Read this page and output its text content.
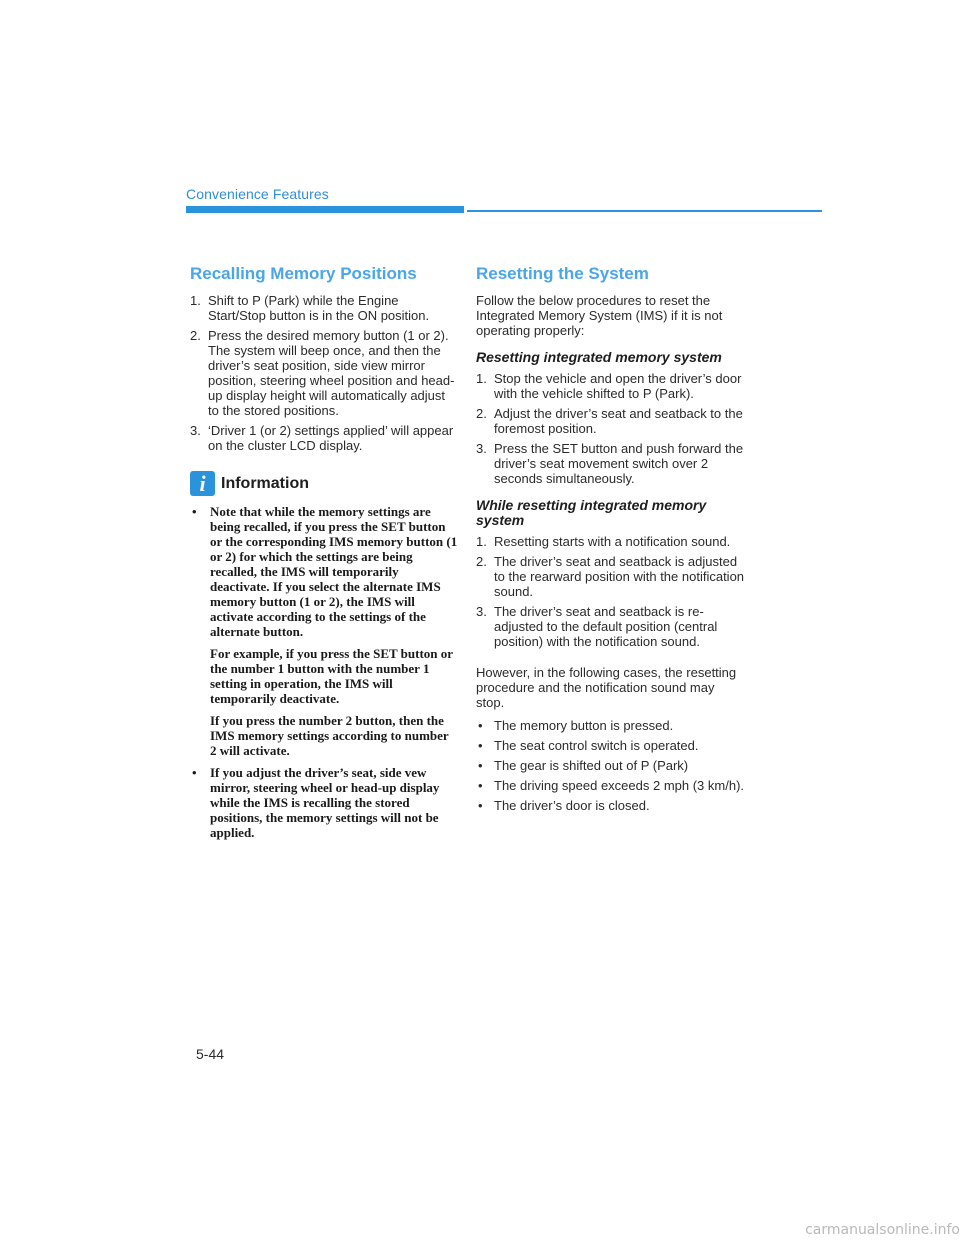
Convenience Features
Recalling Memory Positions
1. Shift to P (Park) while the Engine Start/Stop button is in the ON position.
2. Press the desired memory button (1 or 2). The system will beep once, and then the driver’s seat position, side view mirror position, steering wheel position and head-up display height will automatically adjust to the stored positions.
3. ‘Driver 1 (or 2) settings applied’ will appear on the cluster LCD display.
i Information
• Note that while the memory settings are being recalled, if you press the SET button or the corresponding IMS memory button (1 or 2) for which the settings are being recalled, the IMS will temporarily deactivate. If you select the alternate IMS memory button (1 or 2), the IMS will activate according to the settings of the alternate button.

For example, if you press the SET button or the number 1 button with the number 1 setting in operation, the IMS will temporarily deactivate.

If you press the number 2 button, then the IMS memory settings according to number 2 will activate.

• If you adjust the driver’s seat, side vew mirror, steering wheel or head-up display while the IMS is recalling the stored positions, the memory settings will not be applied.

Resetting the System

Follow the below procedures to reset the Integrated Memory System (IMS) if it is not operating properly:

Resetting integrated memory system
1. Stop the vehicle and open the driver’s door with the vehicle shifted to P (Park).
2. Adjust the driver’s seat and seatback to the foremost position.
3. Press the SET button and push forward the driver’s seat movement switch over 2 seconds simultaneously.
While resetting integrated memory system
1. Resetting starts with a notification sound.
2. The driver’s seat and seatback is adjusted to the rearward position with the notification sound.
3. The driver’s seat and seatback is re-adjusted to the default position (central position) with the notification sound.

However, in the following cases, the resetting procedure and the notification sound may stop.

• The memory button is pressed.
• The seat control switch is operated.
• The gear is shifted out of P (Park)
• The driving speed exceeds 2 mph (3 km/h).
• The driver’s door is closed.
5-44
carmanualsonline.info
